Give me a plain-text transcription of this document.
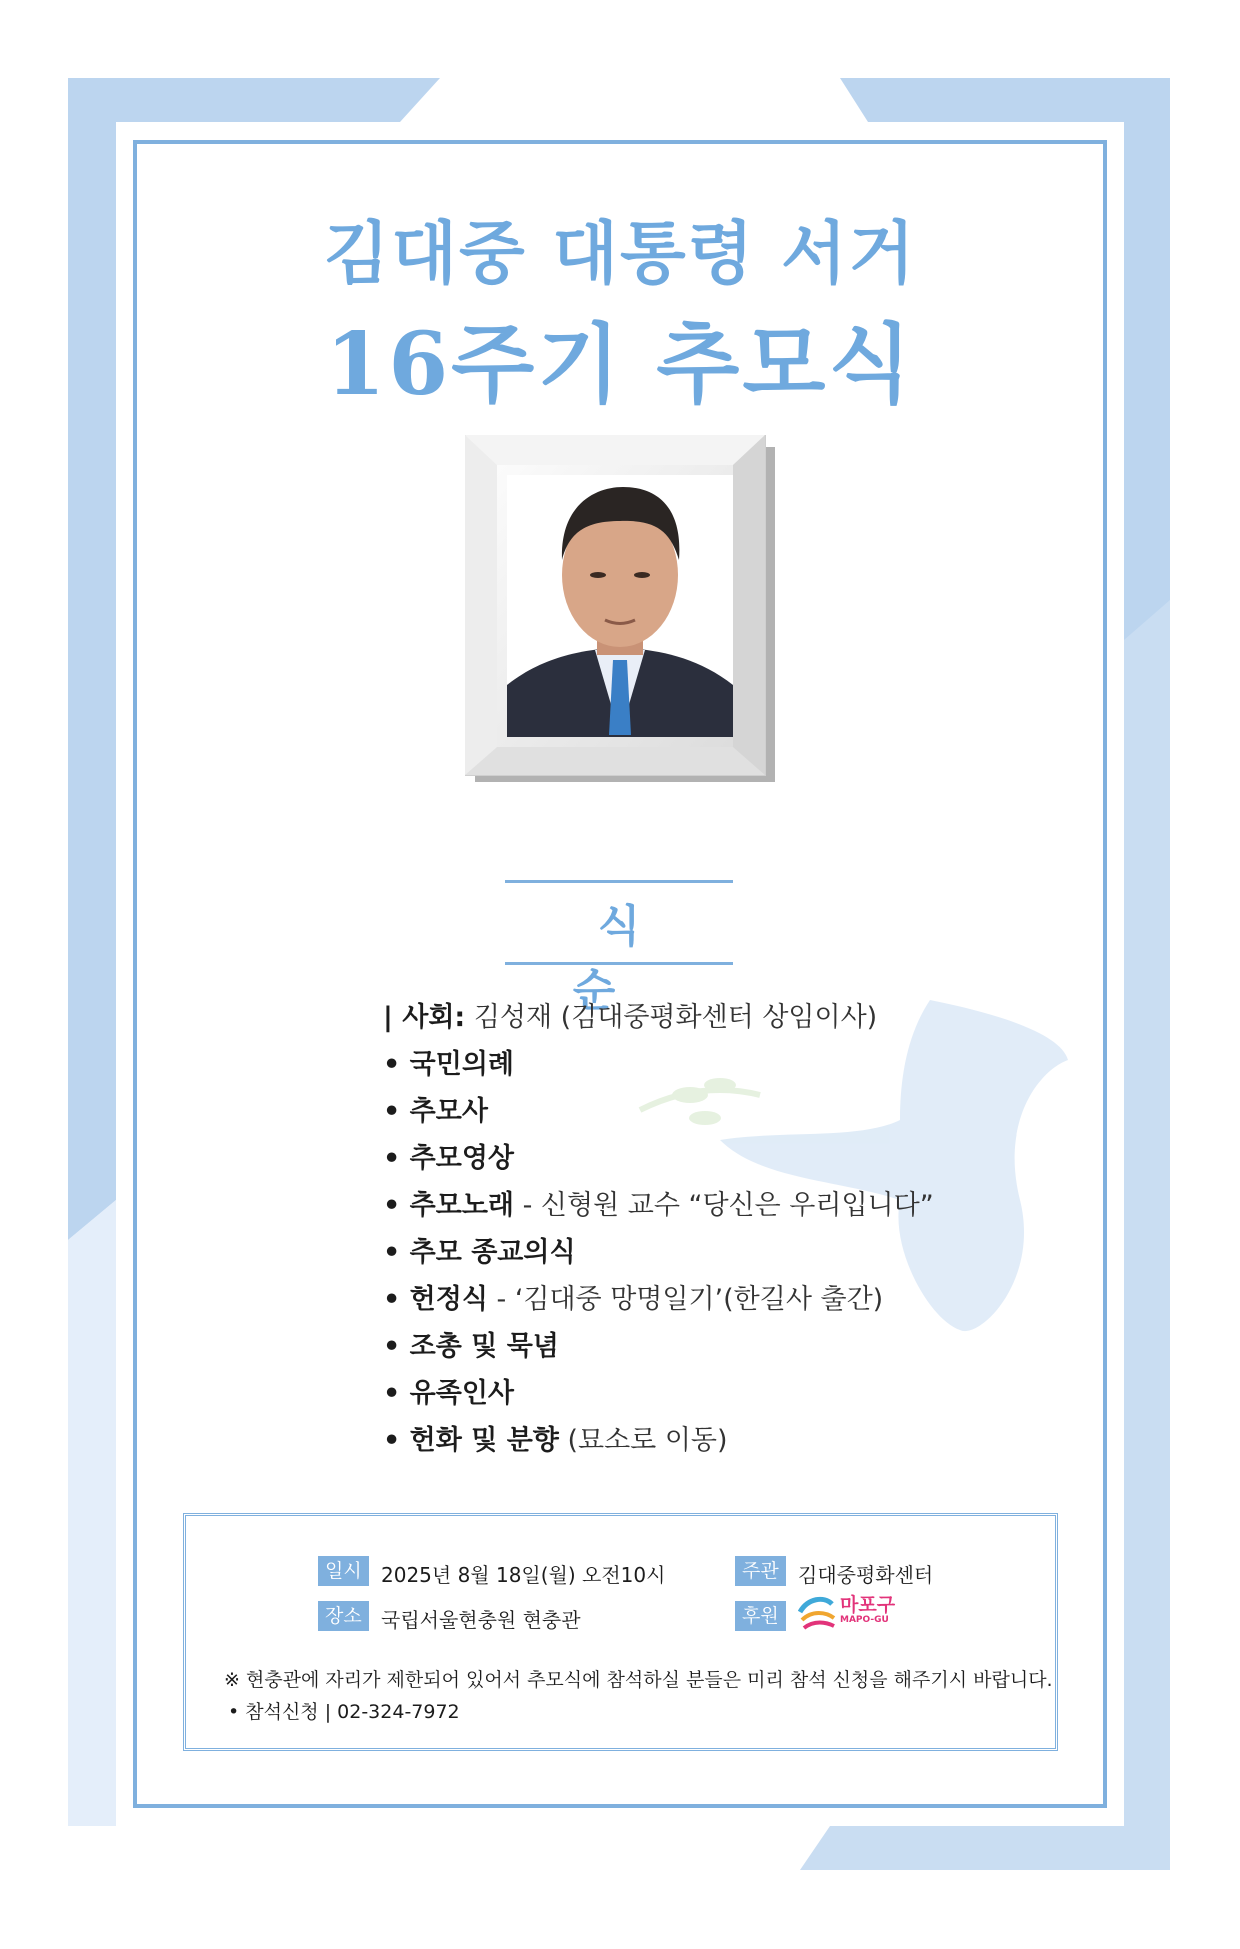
김대중 대통령 서거
16주기 추모식
식 순
| 사회: 김성재 (김대중평화센터 상임이사)
• 국민의례
• 추모사
• 추모영상
• 추모노래 - 신형원 교수 “당신은 우리입니다”
• 추모 종교의식
• 헌정식 - ‘김대중 망명일기’(한길사 출간)
• 조총 및 묵념
• 유족인사
• 헌화 및 분향 (묘소로 이동)
일시 2025년 8월 18일(월) 오전10시
장소 국립서울현충원 현충관
주관 김대중평화센터
후원	마포구
MAPO-GU
※ 현충관에 자리가 제한되어 있어서 추모식에 참석하실 분들은 미리 참석 신청을 해주기시 바랍니다.
• 참석신청 | 02-324-7972
